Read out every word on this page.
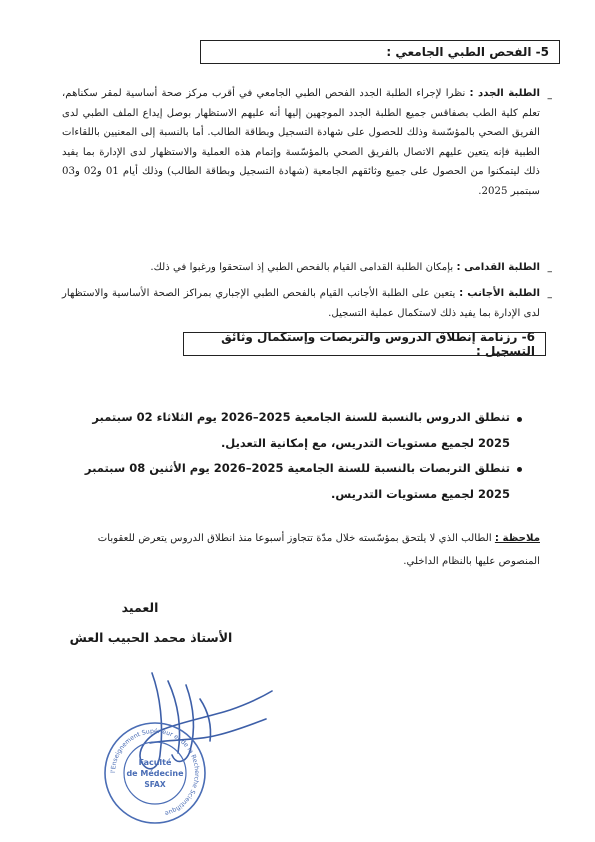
5- الفحص الطبي الجامعي :
–
الطلبة الجدد : نظرا لإجراء الطلبة الجدد الفحص الطبي الجامعي في أقرب مركز صحة أساسية لمقر سكناهم، تعلم كلية الطب بصفاقس جميع الطلبة الجدد الموجهين إليها أنه عليهم الاستظهار بوصل إيداع الملف الطبي لدى الفريق الصحي بالمؤسّسة وذلك للحصول على شهادة التسجيل وبطاقة الطالب. أما بالنسبة إلى المعنيين باللقاءات الطبية فإنه يتعين عليهم الاتصال بالفريق الصحي بالمؤسّسة وإتمام هذه العملية والاستظهار لدى الإدارة بما يفيد ذلك ليتمكنوا من الحصول على جميع وثائقهم الجامعية (شهادة التسجيل وبطاقة الطالب) وذلك أيام 01 و02 و03 سبتمبر 2025.
–
الطلبة القدامى : بإمكان الطلبة القدامى القيام بالفحص الطبي إذ استحقوا ورغبوا في ذلك.
–
الطلبة الأجانب : يتعين على الطلبة الأجانب القيام بالفحص الطبي الإجباري بمراكز الصحة الأساسية والاستظهار لدى الإدارة بما يفيد ذلك لاستكمال عملية التسجيل.
6- رزنامة إنطلاق الدروس والتربصات وإستكمال وثائق التسجيل :
تنطلق الدروس بالنسبة للسنة الجامعية 2025–2026 يوم الثلاثاء 02 سبتمبر 2025 لجميع مستويات التدريس، مع إمكانية التعديل.
تنطلق التربصات بالنسبة للسنة الجامعية 2025–2026 يوم الأثنين 08 سبتمبر 2025 لجميع مستويات التدريس.
ملاحظة : الطالب الذي لا يلتحق بمؤسّسته خلال مدّة تتجاوز أسبوعا منذ انطلاق الدروس يتعرض للعقوبات المنصوص عليها بالنظام الداخلي.
العميد
الأستاذ محمد الحبيب العش
l'Enseignement Supérieur et de la Recherche Scientifique
Faculté
de Médecine
SFAX
